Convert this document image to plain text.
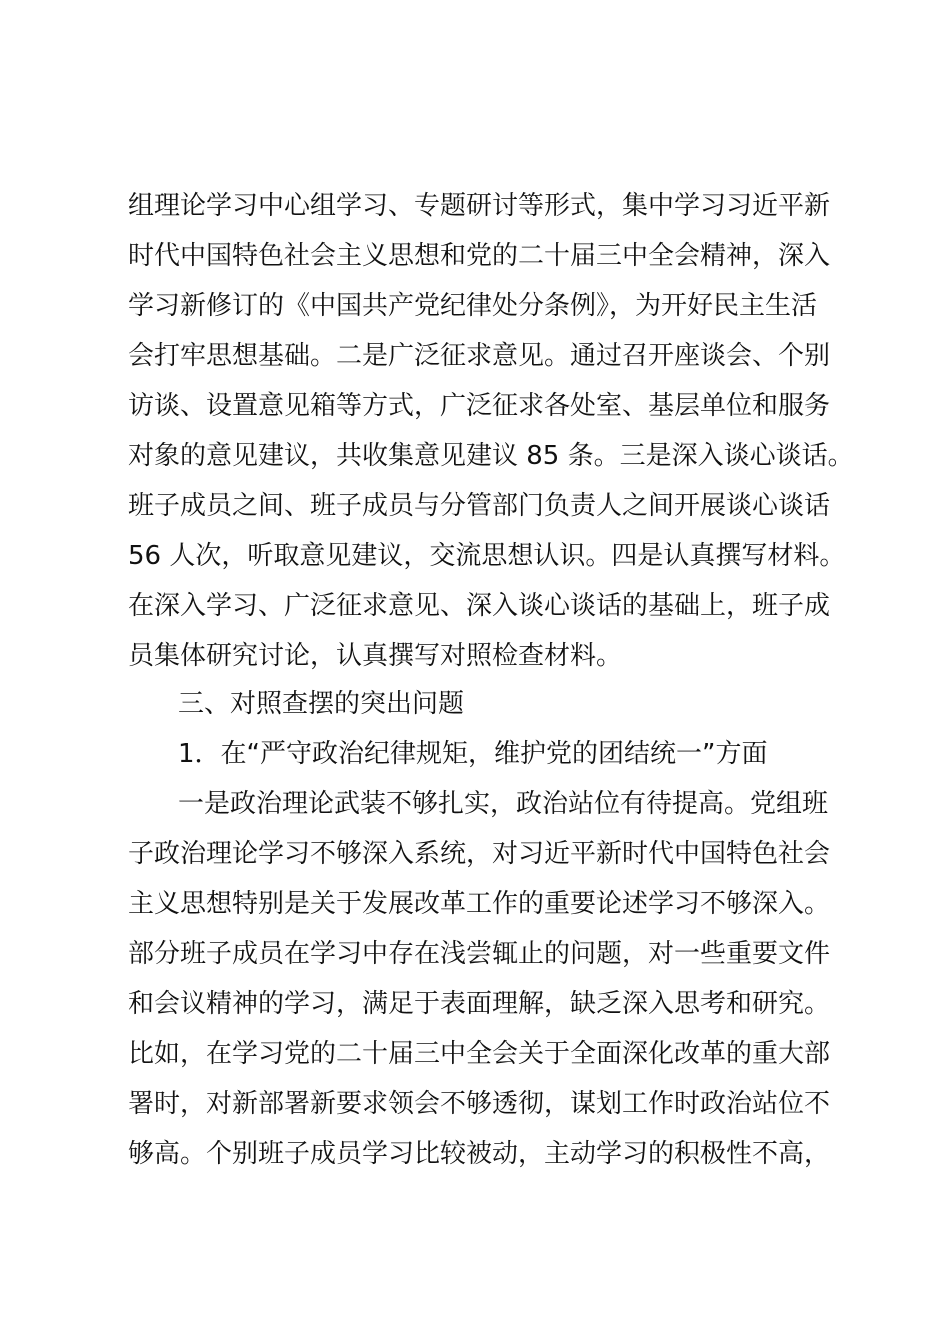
组理论学习中心组学习、专题研讨等形式，集中学习习近平新
时代中国特色社会主义思想和党的二十届三中全会精神，深入
学习新修订的《中国共产党纪律处分条例》，为开好民主生活
会打牢思想基础。二是广泛征求意见。通过召开座谈会、个别
访谈、设置意见箱等方式，广泛征求各处室、基层单位和服务
对象的意见建议，共收集意见建议 85 条。三是深入谈心谈话。
班子成员之间、班子成员与分管部门负责人之间开展谈心谈话
56 人次，听取意见建议，交流思想认识。四是认真撰写材料。
在深入学习、广泛征求意见、深入谈心谈话的基础上，班子成
员集体研究讨论，认真撰写对照检查材料。
三、对照查摆的突出问题
1．在“严守政治纪律规矩，维护党的团结统一”方面
一是政治理论武装不够扎实，政治站位有待提高。党组班
子政治理论学习不够深入系统，对习近平新时代中国特色社会
主义思想特别是关于发展改革工作的重要论述学习不够深入。
部分班子成员在学习中存在浅尝辄止的问题，对一些重要文件
和会议精神的学习，满足于表面理解，缺乏深入思考和研究。
比如，在学习党的二十届三中全会关于全面深化改革的重大部
署时，对新部署新要求领会不够透彻，谋划工作时政治站位不
够高。个别班子成员学习比较被动，主动学习的积极性不高，
